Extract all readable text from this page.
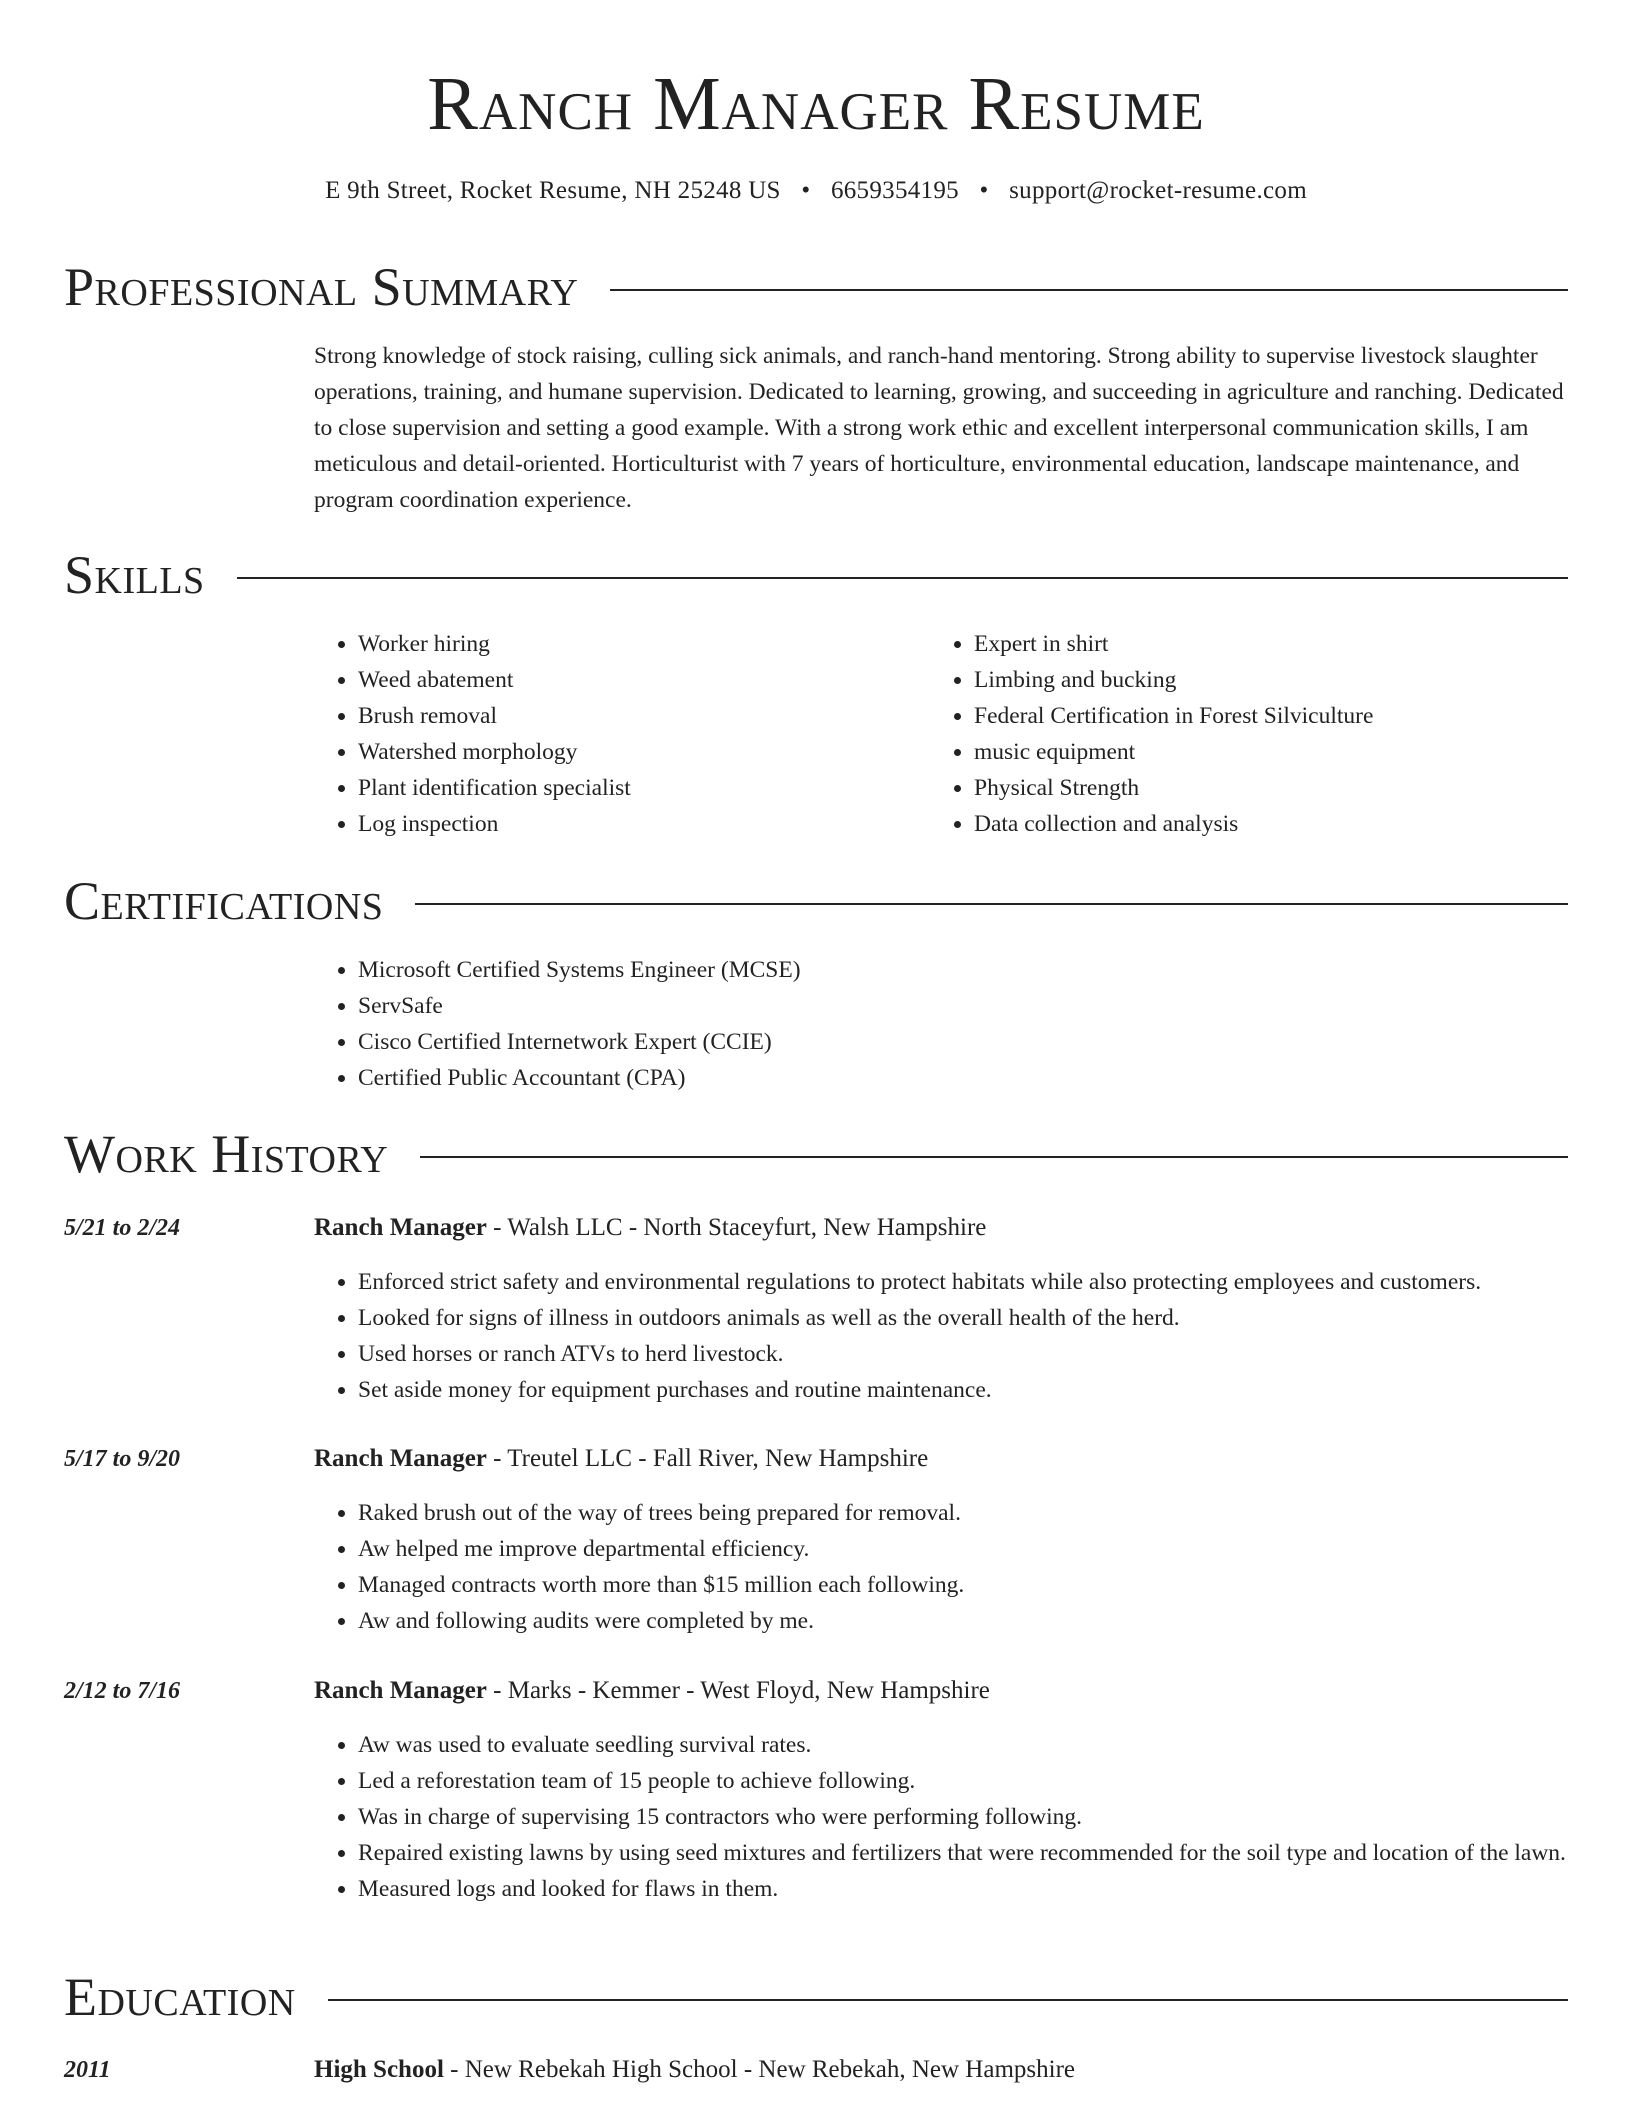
Ranch Manager Resume
E 9th Street, Rocket Resume, NH 25248 US • 6659354195 • support@rocket-resume.com
Professional Summary

Strong knowledge of stock raising, culling sick animals, and ranch-hand mentoring. Strong ability to supervise livestock slaughter operations, training, and humane supervision. Dedicated to learning, growing, and succeeding in agriculture and ranching. Dedicated to close supervision and setting a good example. With a strong work ethic and excellent interpersonal communication skills, I am meticulous and detail-oriented. Horticulturist with 7 years of horticulture, environmental education, landscape maintenance, and program coordination experience.

Skills
• Worker hiring
• Weed abatement
• Brush removal
• Watershed morphology
• Plant identification specialist
• Log inspection
• Expert in shirt
• Limbing and bucking
• Federal Certification in Forest Silviculture
• music equipment
• Physical Strength
• Data collection and analysis
Certifications
• Microsoft Certified Systems Engineer (MCSE)
• ServSafe
• Cisco Certified Internetwork Expert (CCIE)
• Certified Public Accountant (CPA)
Work History
5/21 to 2/24	Ranch Manager - Walsh LLC - North Staceyfurt, New Hampshire
• Enforced strict safety and environmental regulations to protect habitats while also protecting employees and customers.
• Looked for signs of illness in outdoors animals as well as the overall health of the herd.
• Used horses or ranch ATVs to herd livestock.
• Set aside money for equipment purchases and routine maintenance.
5/17 to 9/20	Ranch Manager - Treutel LLC - Fall River, New Hampshire
• Raked brush out of the way of trees being prepared for removal.
• Aw helped me improve departmental efficiency.
• Managed contracts worth more than $15 million each following.
• Aw and following audits were completed by me.
2/12 to 7/16	Ranch Manager - Marks - Kemmer - West Floyd, New Hampshire
• Aw was used to evaluate seedling survival rates.
• Led a reforestation team of 15 people to achieve following.
• Was in charge of supervising 15 contractors who were performing following.
• Repaired existing lawns by using seed mixtures and fertilizers that were recommended for the soil type and location of the lawn.
• Measured logs and looked for flaws in them.
Education
2011	High School - New Rebekah High School - New Rebekah, New Hampshire
